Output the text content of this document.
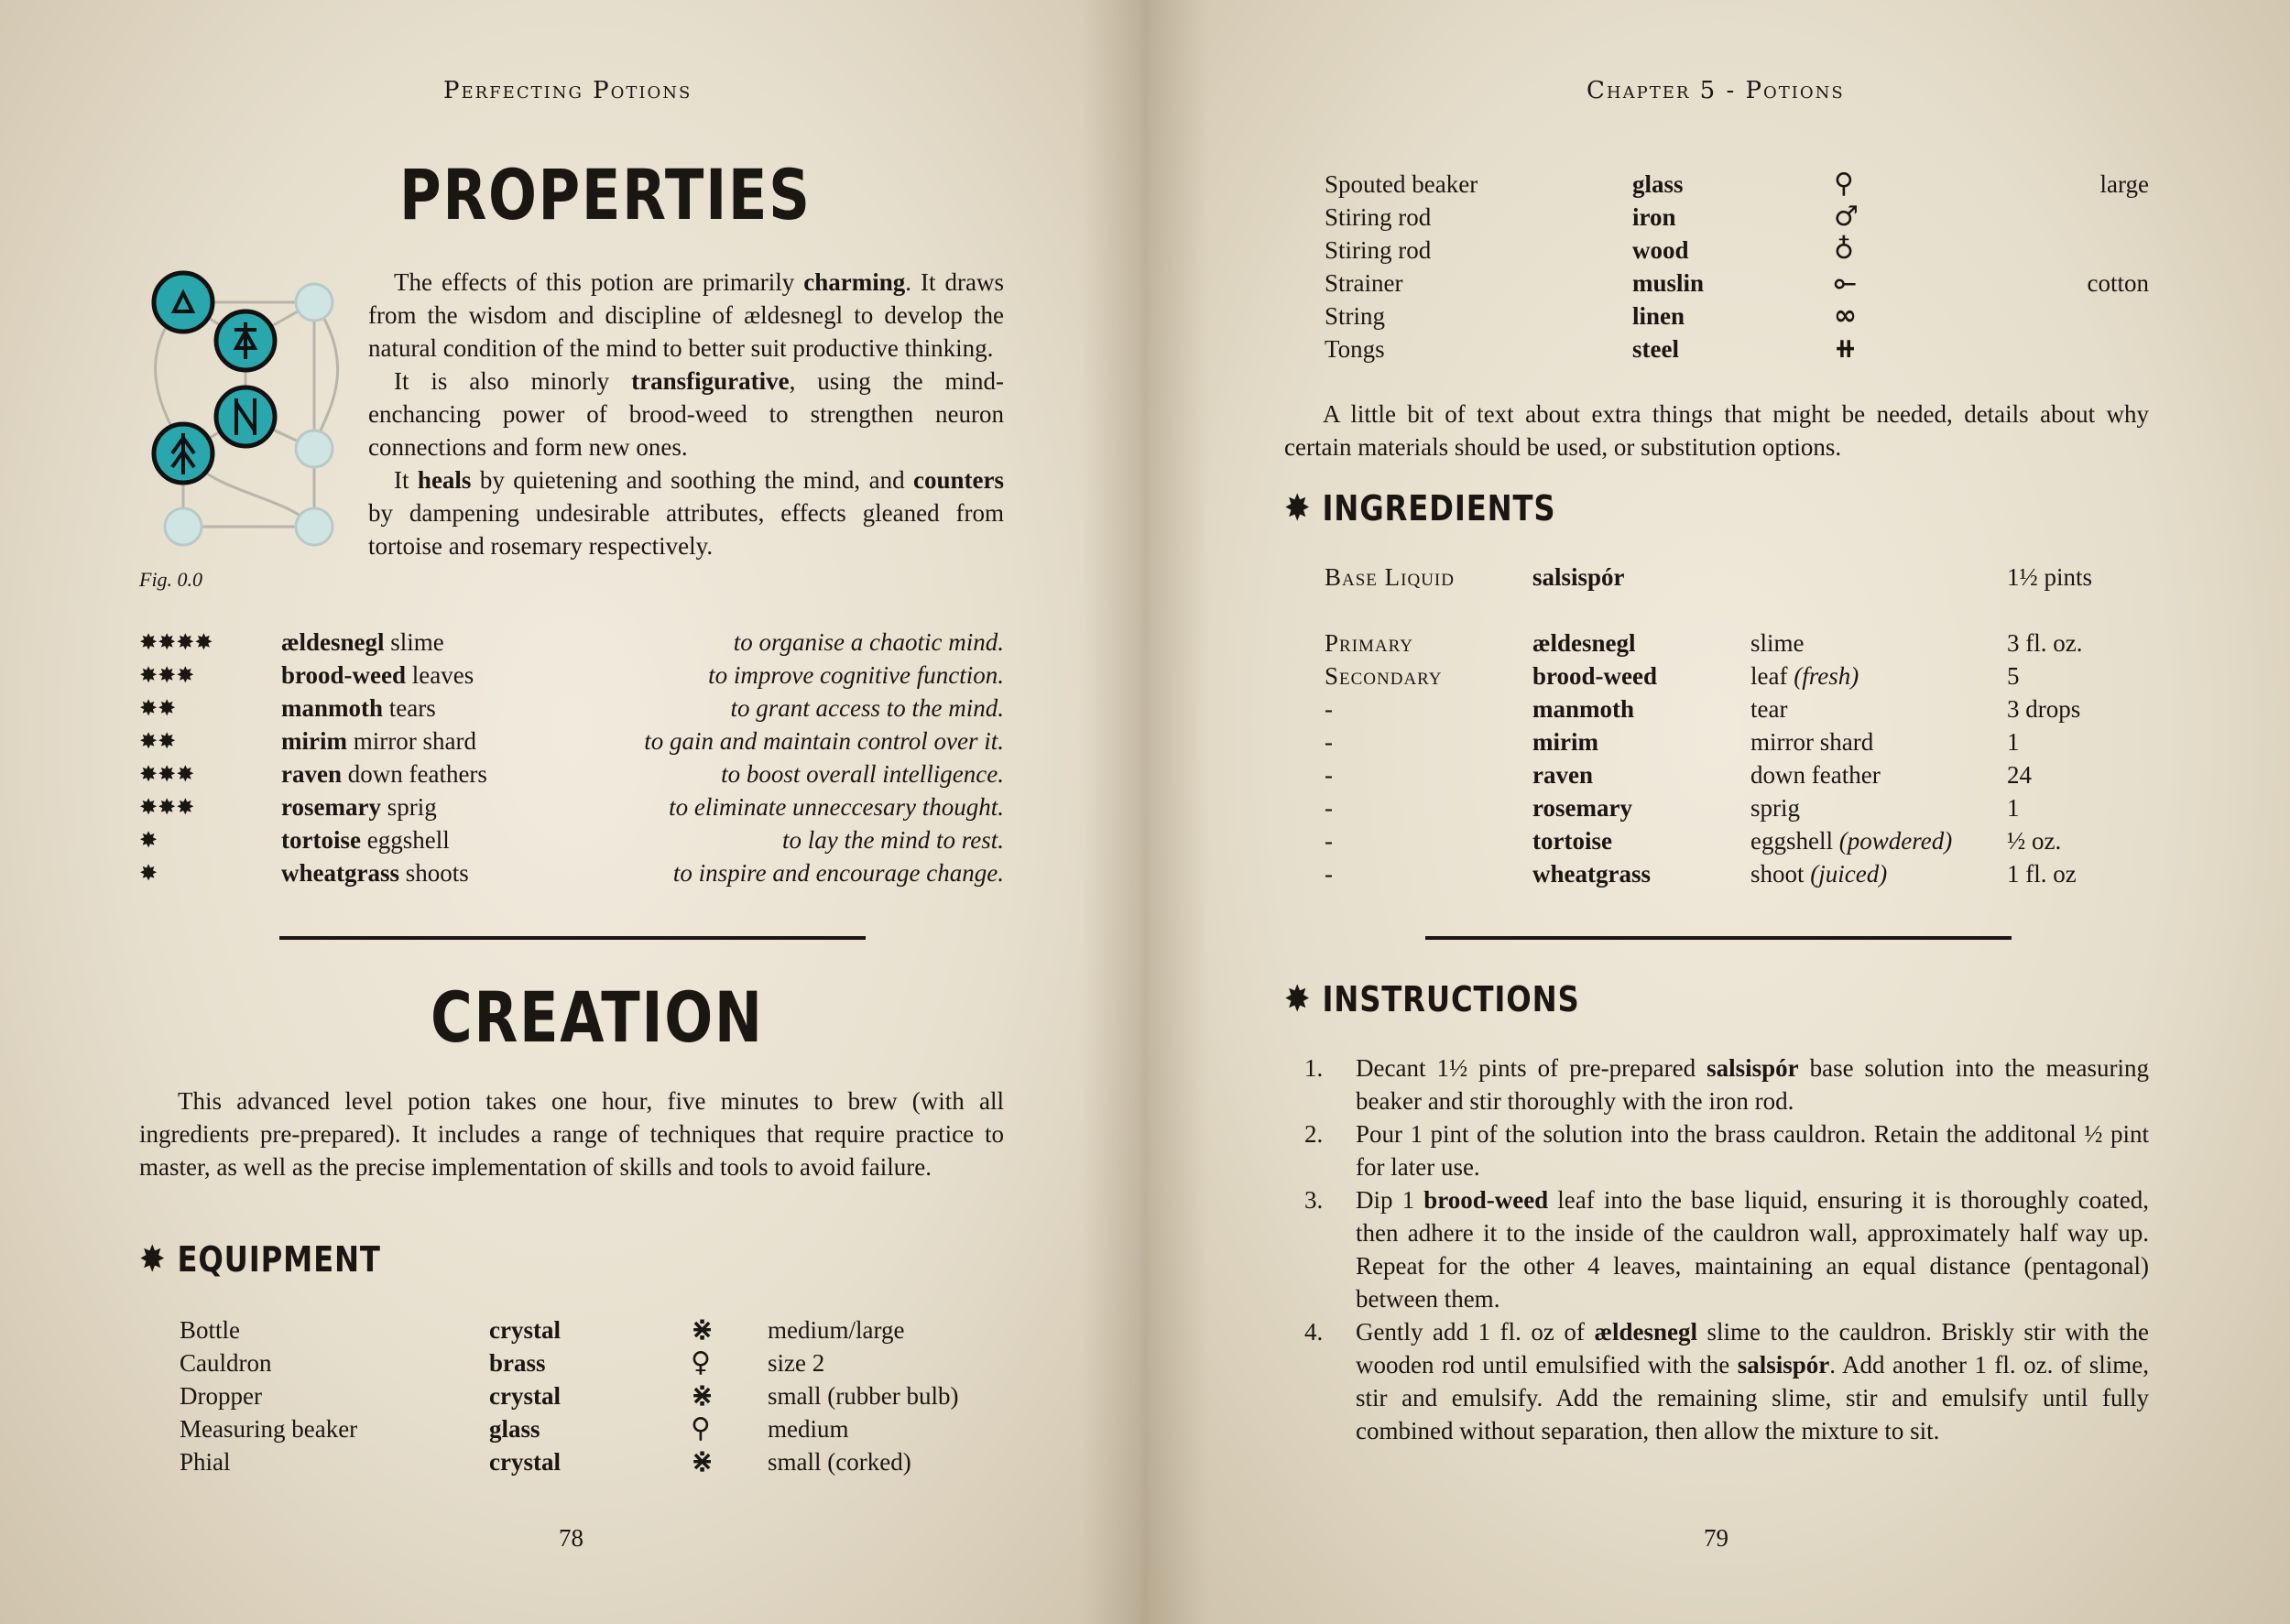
Perfecting Potions
PROPERTIES
Fig. 0.0

The effects of this potion are primarily charming. It draws from the wisdom and discipline of ældesnegl to develop the natural condition of the mind to better suit productive thinking.

It is also minorly transfigurative, using the mind-enchancing power of brood-weed to strengthen neuron connections and form new ones.

It heals by quietening and soothing the mind, and counters by dampening undesirable attributes, effects gleaned from tortoise and rosemary respectively.

✸✸✸✸	ældesnegl slime	to organise a chaotic mind.
✸✸✸	brood-weed leaves	to improve cognitive function.
✸✸	manmoth tears	to grant access to the mind.
✸✸	mirim mirror shard	to gain and maintain control over it.
✸✸✸	raven down feathers	to boost overall intelligence.
✸✸✸	rosemary sprig	to eliminate unneccesary thought.
✸	tortoise eggshell	to lay the mind to rest.
✸	wheatgrass shoots	to inspire and encourage change.
CREATION
This advanced level potion takes one hour, five minutes to brew (with all ingredients pre-prepared). It includes a range of techniques that require practice to master, as well as the precise implementation of skills and tools to avoid failure.
✸ EQUIPMENT
Bottle	crystal	⋇ medium/large
Cauldron	brass	♀ size 2
Dropper	crystal	⋇ small (rubber bulb)
Measuring beaker	glass	⚲ medium
Phial	crystal	⋇ small (corked)
78
Chapter 5 - Potions
Spouted beaker	glass	⚲	large
Stiring rod	iron	♂
Stiring rod	wood	♁
Strainer	muslin	⟜	cotton
String	linen	∞
Tongs	steel	⧺
A little bit of text about extra things that might be needed, details about why certain materials should be used, or substitution options.
✸ INGREDIENTS
Base Liquid	salsispór	1½ pints
Primary	ældesnegl	slime	3 fl. oz.
Secondary	brood-weed	leaf (fresh)	5
-	manmoth	tear	3 drops
-	mirim	mirror shard	1
-	raven	down feather	24
-	rosemary	sprig	1
-	tortoise	eggshell (powdered) ½ oz.
-	wheatgrass	shoot (juiced)	1 fl. oz
✸ INSTRUCTIONS
1. Decant 1½ pints of pre-prepared salsispór base solution into the measuring beaker and stir thoroughly with the iron rod.
2. Pour 1 pint of the solution into the brass cauldron. Retain the additonal ½ pint for later use.
3. Dip 1 brood-weed leaf into the base liquid, ensuring it is thoroughly coated, then adhere it to the inside of the cauldron wall, approximately half way up. Repeat for the other 4 leaves, maintaining an equal distance (pentagonal) between them.
4. Gently add 1 fl. oz of ældesnegl slime to the cauldron. Briskly stir with the wooden rod until emulsified with the salsispór. Add another 1 fl. oz. of slime, stir and emulsify. Add the remaining slime, stir and emulsify until fully combined without separation, then allow the mixture to sit.
79
